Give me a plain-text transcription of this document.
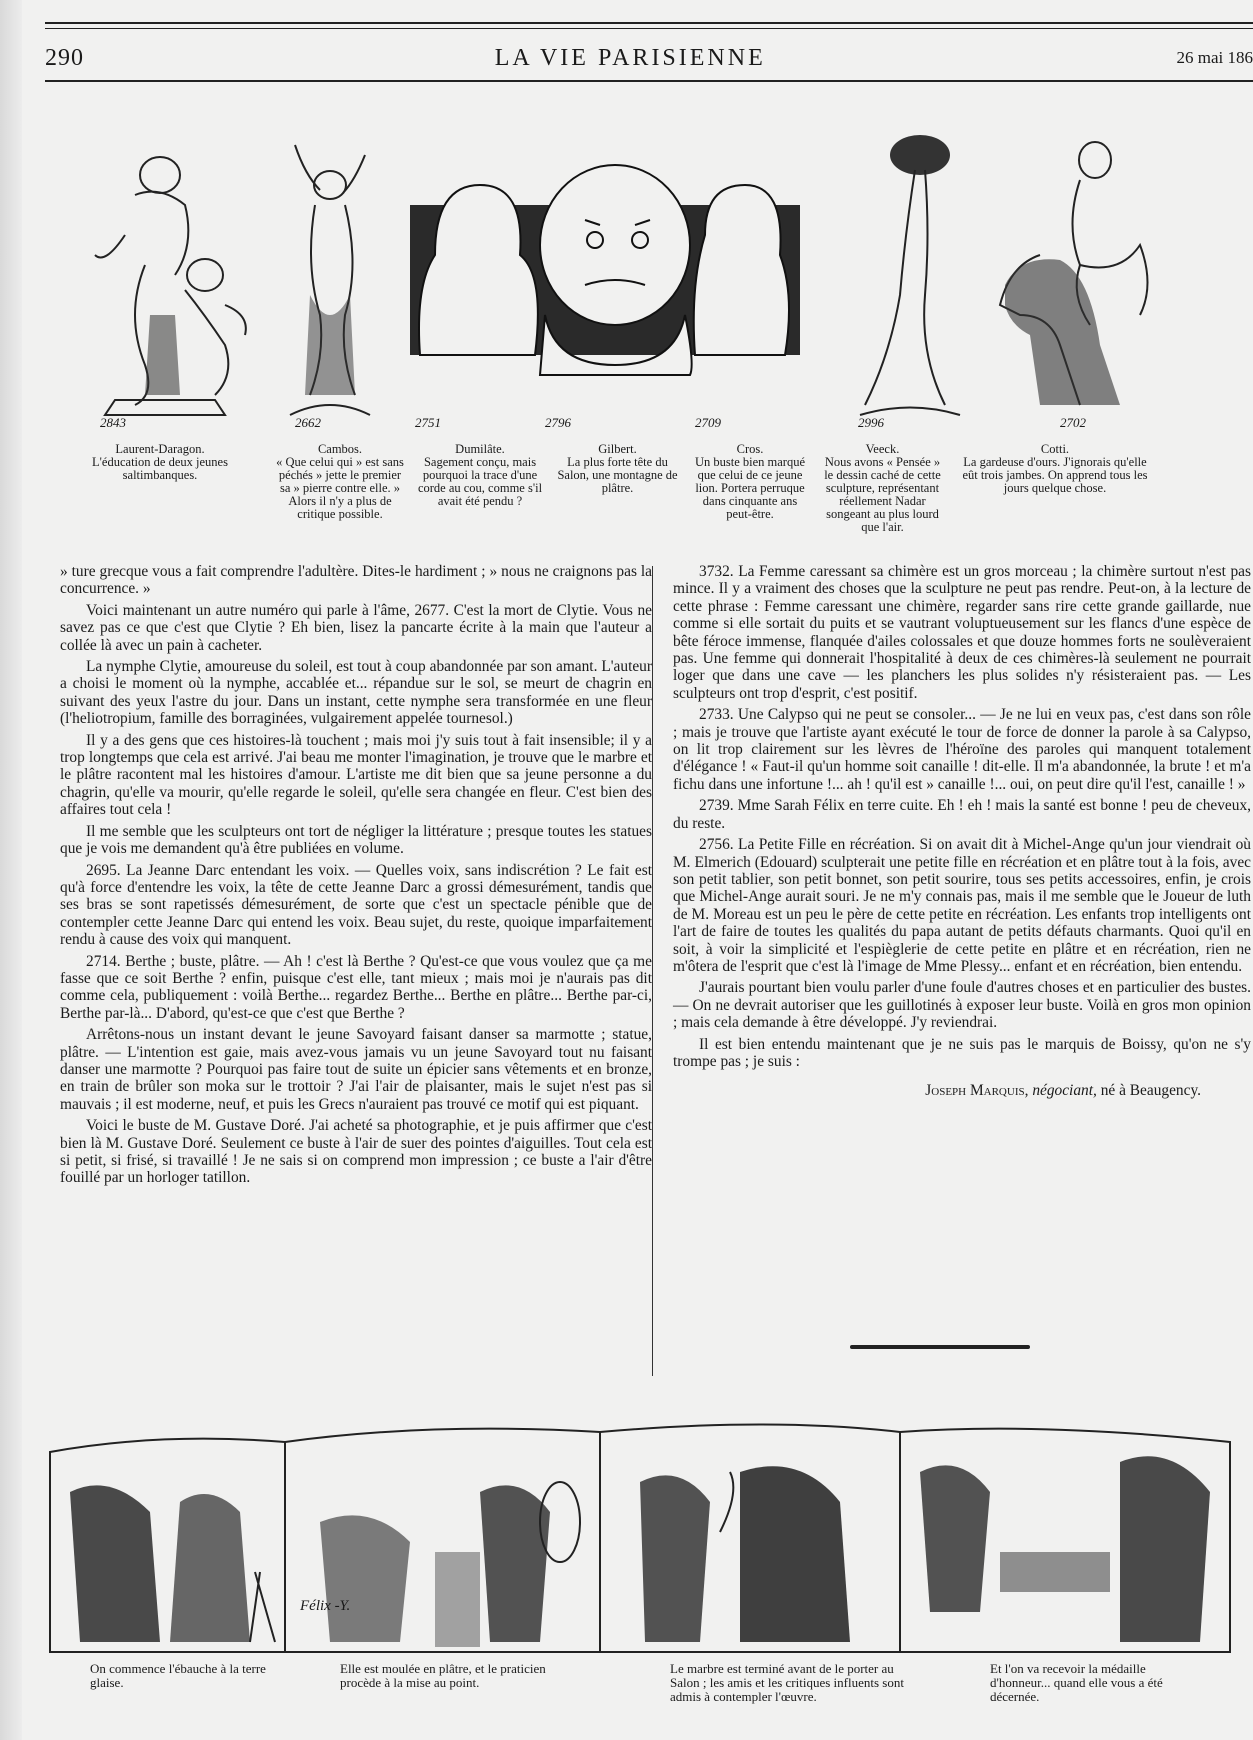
290	LA VIE PARISIENNE	26 mai 186
2843	2662	2751	2796	2709	2996	2702
Laurent-Daragon.
L'éducation de deux jeunes saltimbanques.
Cambos.
« Que celui qui » est sans péchés » jette le premier sa » pierre contre elle. » Alors il n'y a plus de critique possible.
Dumilâte.
Sagement conçu, mais pourquoi la trace d'une corde au cou, comme s'il avait été pendu ?
Gilbert.
La plus forte tête du Salon, une montagne de plâtre.
Cros.
Un buste bien marqué que celui de ce jeune lion. Portera perruque dans cinquante ans peut-être.
Veeck.
Nous avons « Pensée » le dessin caché de cette sculpture, représentant réellement Nadar songeant au plus lourd que l'air.
Cotti.
La gardeuse d'ours. J'ignorais qu'elle eût trois jambes. On apprend tous les jours quelque chose.

» ture grecque vous a fait comprendre l'adultère. Dites-le hardiment ; » nous ne craignons pas la concurrence. »

Voici maintenant un autre numéro qui parle à l'âme, 2677. C'est la mort de Clytie. Vous ne savez pas ce que c'est que Clytie ? Eh bien, lisez la pancarte écrite à la main que l'auteur a collée là avec un pain à cacheter.

La nymphe Clytie, amoureuse du soleil, est tout à coup abandonnée par son amant. L'auteur a choisi le moment où la nymphe, accablée et... répandue sur le sol, se meurt de chagrin en suivant des yeux l'astre du jour. Dans un instant, cette nymphe sera transformée en une fleur (l'heliotropium, famille des borraginées, vulgairement appelée tournesol.)

Il y a des gens que ces histoires-là touchent ; mais moi j'y suis tout à fait insensible; il y a trop longtemps que cela est arrivé. J'ai beau me monter l'imagination, je trouve que le marbre et le plâtre racontent mal les histoires d'amour. L'artiste me dit bien que sa jeune personne a du chagrin, qu'elle va mourir, qu'elle regarde le soleil, qu'elle sera changée en fleur. C'est bien des affaires tout cela !

Il me semble que les sculpteurs ont tort de négliger la littérature ; presque toutes les statues que je vois me demandent qu'à être publiées en volume.

2695. La Jeanne Darc entendant les voix. — Quelles voix, sans indiscrétion ? Le fait est qu'à force d'entendre les voix, la tête de cette Jeanne Darc a grossi démesurément, tandis que ses bras se sont rapetissés démesurément, de sorte que c'est un spectacle pénible que de contempler cette Jeanne Darc qui entend les voix. Beau sujet, du reste, quoique imparfaitement rendu à cause des voix qui manquent.

2714. Berthe ; buste, plâtre. — Ah ! c'est là Berthe ? Qu'est-ce que vous voulez que ça me fasse que ce soit Berthe ? enfin, puisque c'est elle, tant mieux ; mais moi je n'aurais pas dit comme cela, publiquement : voilà Berthe... regardez Berthe... Berthe en plâtre... Berthe par-ci, Berthe par-là... D'abord, qu'est-ce que c'est que Berthe ?

Arrêtons-nous un instant devant le jeune Savoyard faisant danser sa marmotte ; statue, plâtre. — L'intention est gaie, mais avez-vous jamais vu un jeune Savoyard tout nu faisant danser une marmotte ? Pourquoi pas faire tout de suite un épicier sans vêtements et en bronze, en train de brûler son moka sur le trottoir ? J'ai l'air de plaisanter, mais le sujet n'est pas si mauvais ; il est moderne, neuf, et puis les Grecs n'auraient pas trouvé ce motif qui est piquant.

Voici le buste de M. Gustave Doré. J'ai acheté sa photographie, et je puis affirmer que c'est bien là M. Gustave Doré. Seulement ce buste à l'air de suer des pointes d'aiguilles. Tout cela est si petit, si frisé, si travaillé ! Je ne sais si on comprend mon impression ; ce buste a l'air d'être fouillé par un horloger tatillon.

3732. La Femme caressant sa chimère est un gros morceau ; la chimère surtout n'est pas mince. Il y a vraiment des choses que la sculpture ne peut pas rendre. Peut-on, à la lecture de cette phrase : Femme caressant une chimère, regarder sans rire cette grande gaillarde, nue comme si elle sortait du puits et se vautrant voluptueusement sur les flancs d'une espèce de bête féroce immense, flanquée d'ailes colossales et que douze hommes forts ne soulèveraient pas. Une femme qui donnerait l'hospitalité à deux de ces chimères-là seulement ne pourrait loger que dans une cave — les planchers les plus solides n'y résisteraient pas. — Les sculpteurs ont trop d'esprit, c'est positif.

2733. Une Calypso qui ne peut se consoler... — Je ne lui en veux pas, c'est dans son rôle ; mais je trouve que l'artiste ayant exécuté le tour de force de donner la parole à sa Calypso, on lit trop clairement sur les lèvres de l'héroïne des paroles qui manquent totalement d'élégance ! « Faut-il qu'un homme soit canaille ! dit-elle. Il m'a abandonnée, la brute ! et m'a fichu dans une infortune !... ah ! qu'il est » canaille !... oui, on peut dire qu'il l'est, canaille ! »

2739. Mme Sarah Félix en terre cuite. Eh ! eh ! mais la santé est bonne ! peu de cheveux, du reste.

2756. La Petite Fille en récréation. Si on avait dit à Michel-Ange qu'un jour viendrait où M. Elmerich (Edouard) sculpterait une petite fille en récréation et en plâtre tout à la fois, avec son petit tablier, son petit bonnet, son petit sourire, tous ses petits accessoires, enfin, je crois que Michel-Ange aurait souri. Je ne m'y connais pas, mais il me semble que le Joueur de luth de M. Moreau est un peu le père de cette petite en récréation. Les enfants trop intelligents ont l'art de faire de toutes les qualités du papa autant de petits défauts charmants. Quoi qu'il en soit, à voir la simplicité et l'espièglerie de cette petite en plâtre et en récréation, rien ne m'ôtera de l'esprit que c'est là l'image de Mme Plessy... enfant et en récréation, bien entendu.

J'aurais pourtant bien voulu parler d'une foule d'autres choses et en particulier des bustes. — On ne devrait autoriser que les guillotinés à exposer leur buste. Voilà en gros mon opinion ; mais cela demande à être développé. J'y reviendrai.

Il est bien entendu maintenant que je ne suis pas le marquis de Boissy, qu'on ne s'y trompe pas ; je suis :

Joseph Marquis, négociant, né à Beaugency.
Félix -Y.
On commence l'ébauche à la terre glaise.
Elle est moulée en plâtre, et le praticien procède à la mise au point.
Le marbre est terminé avant de le porter au Salon ; les amis et les critiques influents sont admis à contempler l'œuvre.
Et l'on va recevoir la médaille d'honneur... quand elle vous a été décernée.
